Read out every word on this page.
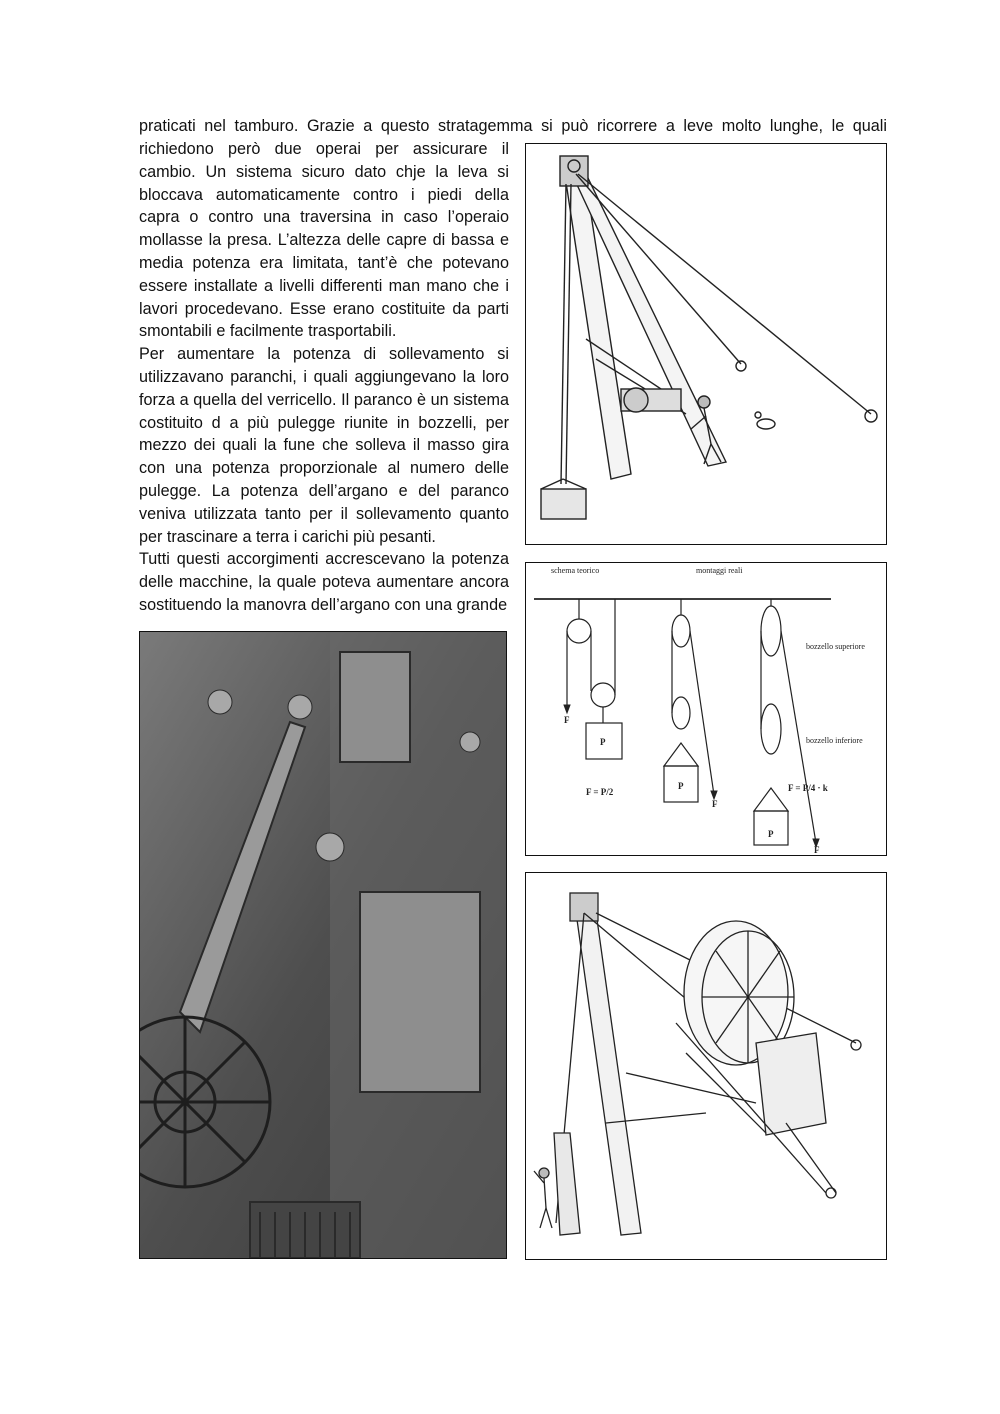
praticati nel tamburo. Grazie a questo stratagemma si può ricorrere a leve molto lunghe, le quali

richiedono però due operai per assicurare il cambio. Un sistema sicuro dato chje la leva si bloccava automaticamente contro i piedi della capra o contro una traversina in caso l’operaio mollasse la presa. L’altezza delle capre di bassa e media potenza era limitata, tant’è che potevano essere installate a livelli differenti man mano che i lavori procedevano. Esse erano costituite da parti smontabili e facilmente trasportabili.

Per aumentare la potenza di sollevamento si utilizzavano paranchi, i quali aggiungevano la loro forza a quella del verricello. Il paranco è un sistema costituito d a più pulegge riunite in bozzelli, per mezzo dei quali la fune che solleva il masso gira con una potenza proporzionale al numero delle pulegge. La potenza dell’argano e del paranco veniva utilizzata tanto per il sollevamento quanto per trascinare a terra i carichi più pesanti.

Tutti questi accorgimenti accrescevano la potenza delle macchine, la quale poteva aumentare ancora sostituendo la manovra dell’argano con una grande

schema teorico	montaggi reali
bozzello superiore
bozzello inferiore
F
P
F = P/2
P
F
P
F = P/4 · k
F
